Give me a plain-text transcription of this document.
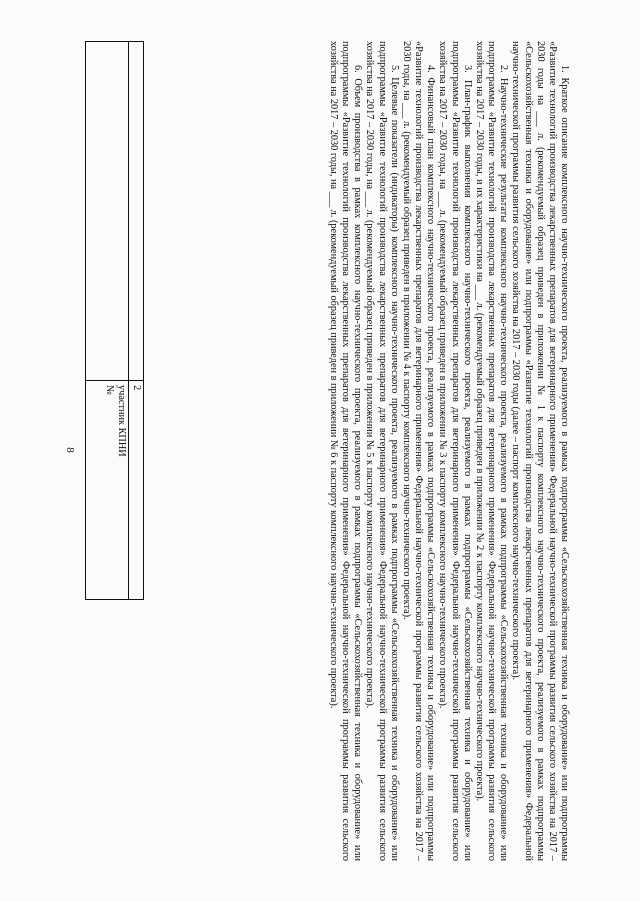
8	1. Краткое описание комплексного научно-технического проекта, реализуемого в рамках подпрограммы «Сельскохозяйственная техника и оборудование» или подпрограммы «Развитие технологий производства лекарственных препаратов для ветеринарного применения» Федеральной научно-технической программы развития сельского хозяйства на 2017 – 2030 годы на ___ л. (рекомендуемый образец приведен в приложении № 1 к паспорту комплексного научно-технического проекта, реализуемого в рамках подпрограммы «Сельскохозяйственная техника и оборудование» или подпрограммы «Развитие технологий производства лекарственных препаратов для ветеринарного применения» Федеральной научно-технической программы развития сельского хозяйства на 2017 – 2030 годы (далее – паспорт комплексного научно-технического проекта).

2. Научно-технические результаты комплексного научно-технического проекта, реализуемого в рамках подпрограммы «Сельскохозяйственная техника и оборудование» или подпрограммы «Развитие технологий производства лекарственных препаратов для ветеринарного применения» Федеральной научно-технической программы развития сельского хозяйства на 2017 – 2030 годы, и их характеристики на ___ л. (рекомендуемый образец приведен в приложении № 2 к паспорту комплексного научно-технического проекта).

3. План-график выполнения комплексного научно-технического проекта, реализуемого в рамках подпрограммы «Сельскохозяйственная техника и оборудование» или подпрограммы «Развитие технологий производства лекарственных препаратов для ветеринарного применения» Федеральной научно-технической программы развития сельского хозяйства на 2017 – 2030 годы, на ___ л. (рекомендуемый образец приведен в приложении № 3 к паспорту комплексного научно-технического проекта).

4. Финансовый план комплексного научно-технического проекта, реализуемого в рамках подпрограммы «Сельскохозяйственная техника и оборудование» или подпрограммы «Развитие технологий производства лекарственных препаратов для ветеринарного применения» Федеральной научно-технической программы развития сельского хозяйства на 2017 – 2030 годы, на ___ л. (рекомендуемый образец приведен в приложении № 4 к паспорту комплексного научно-технического проекта).

5. Целевые показатели (индикаторы) комплексного научно-технического проекта, реализуемого в рамках подпрограммы «Сельскохозяйственная техника и оборудование» или подпрограммы «Развитие технологий производства лекарственных препаратов для ветеринарного применения» Федеральной научно-технической программы развития сельского хозяйства на 2017 – 2030 годы, на ___ л. (рекомендуемый образец приведен в приложении № 5 к паспорту комплексного научно-технического проекта).

6. Объем производства в рамках комплексного научно-технического проекта, реализуемого в рамках подпрограммы «Сельскохозяйственная техника и оборудование» или подпрограммы «Развитие технологий производства лекарственных препаратов для ветеринарного применения» Федеральной научно-технической программы развития сельского хозяйства на 2017 – 2030 годы, на ___ л. (рекомендуемый образец приведен в приложении № 6 к паспорту комплексного научно-технического проекта).

	2
	участник КПНИ
№
